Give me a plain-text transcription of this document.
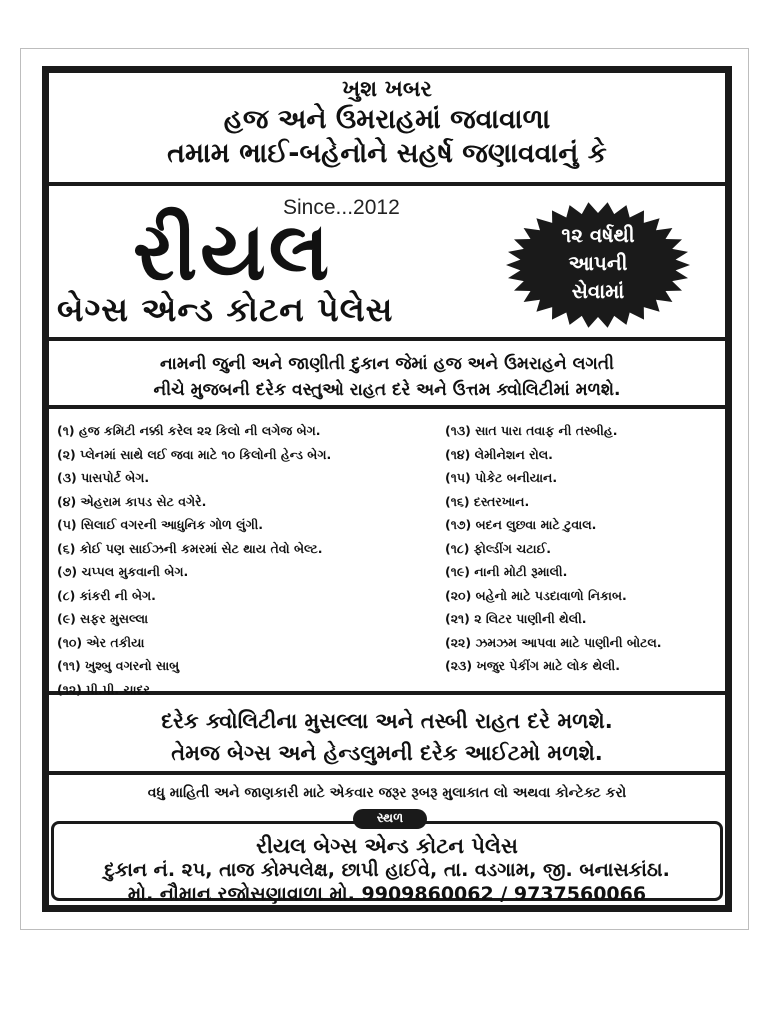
ખુશ ખબર
હજ અને ઉમરાહમાં જવાવાળા
તમામ ભાઈ-બહેનોને સહર્ષ જણાવવાનું કે
Since...2012
રીયલ
બેગ્સ એન્ડ કોટન પેલેસ
૧૨ વર્ષથી
આપની
સેવામાં
નામની જુની અને જાણીતી દુકાન જેમાં હજ અને ઉમરાહને લગતી
નીચે મુજબની દરેક વસ્તુઓ રાહત દરે અને ઉત્તમ ક્વોલિટીમાં મળશે.
(૧) હજ કમિટી નક્કી કરેલ ૨૨ કિલો ની લગેજ બેગ.
(૨) પ્લેનમાં સાથે લઈ જવા માટે ૧૦ કિલોની હેન્ડ બેગ.
(૩) પાસપોર્ટ બેગ.
(૪) એહરામ કાપડ સેટ વગેરે.
(૫) સિલાઈ વગરની આધુનિક ગોળ લુંગી.
(૬) કોઈ પણ સાઈઝની કમરમાં સેટ થાય તેવો બેલ્ટ.
(૭) ચપ્પલ મુકવાની બેગ.
(૮) કાંકરી ની બેગ.
(૯) સફર મુસલ્લા
(૧૦) એર તકીયા
(૧૧) ખુશ્બુ વગરનો સાબુ
(૧૨) પી.પી. ચાદર
(૧૩) સાત પારા તવાફ ની તસ્બીહ.
(૧૪) લેમીનેશન રોલ.
(૧૫) પોકેટ બનીયાન.
(૧૬) દસ્તરખાન.
(૧૭) બદન લુછવા માટે ટુવાલ.
(૧૮) ફોલ્ડીંગ ચટાઈ.
(૧૯) નાની મોટી રૂમાલી.
(૨૦) બહેનો માટે પડદાવાળો નિકાબ.
(૨૧) ૨ લિટર પાણીની થેલી.
(૨૨) ઝમઝમ આપવા માટે પાણીની બોટલ.
(૨૩) ખજુર પેકીંગ માટે લોક થેલી.
દરેક ક્વોલિટીના મુસલ્લા અને તસ્બી રાહત દરે મળશે.
તેમજ બેગ્સ અને હેન્ડલુમની દરેક આઈટમો મળશે.
વધુ માહિતી અને જાણકારી માટે એકવાર જરૂર રૂબરૂ મુલાકાત લો અથવા કોન્ટેક્ટ કરો
રીયલ બેગ્સ એન્ડ કોટન પેલેસ
દુકાન નં. ૨૫, તાજ કોમ્પલેક્ષ, છાપી હાઈવે, તા. વડગામ, જી. બનાસકાંઠા.
મો. નૌમાન રજોસણાવાળા મો. 9909860062 / 9737560066
સ્થળ
